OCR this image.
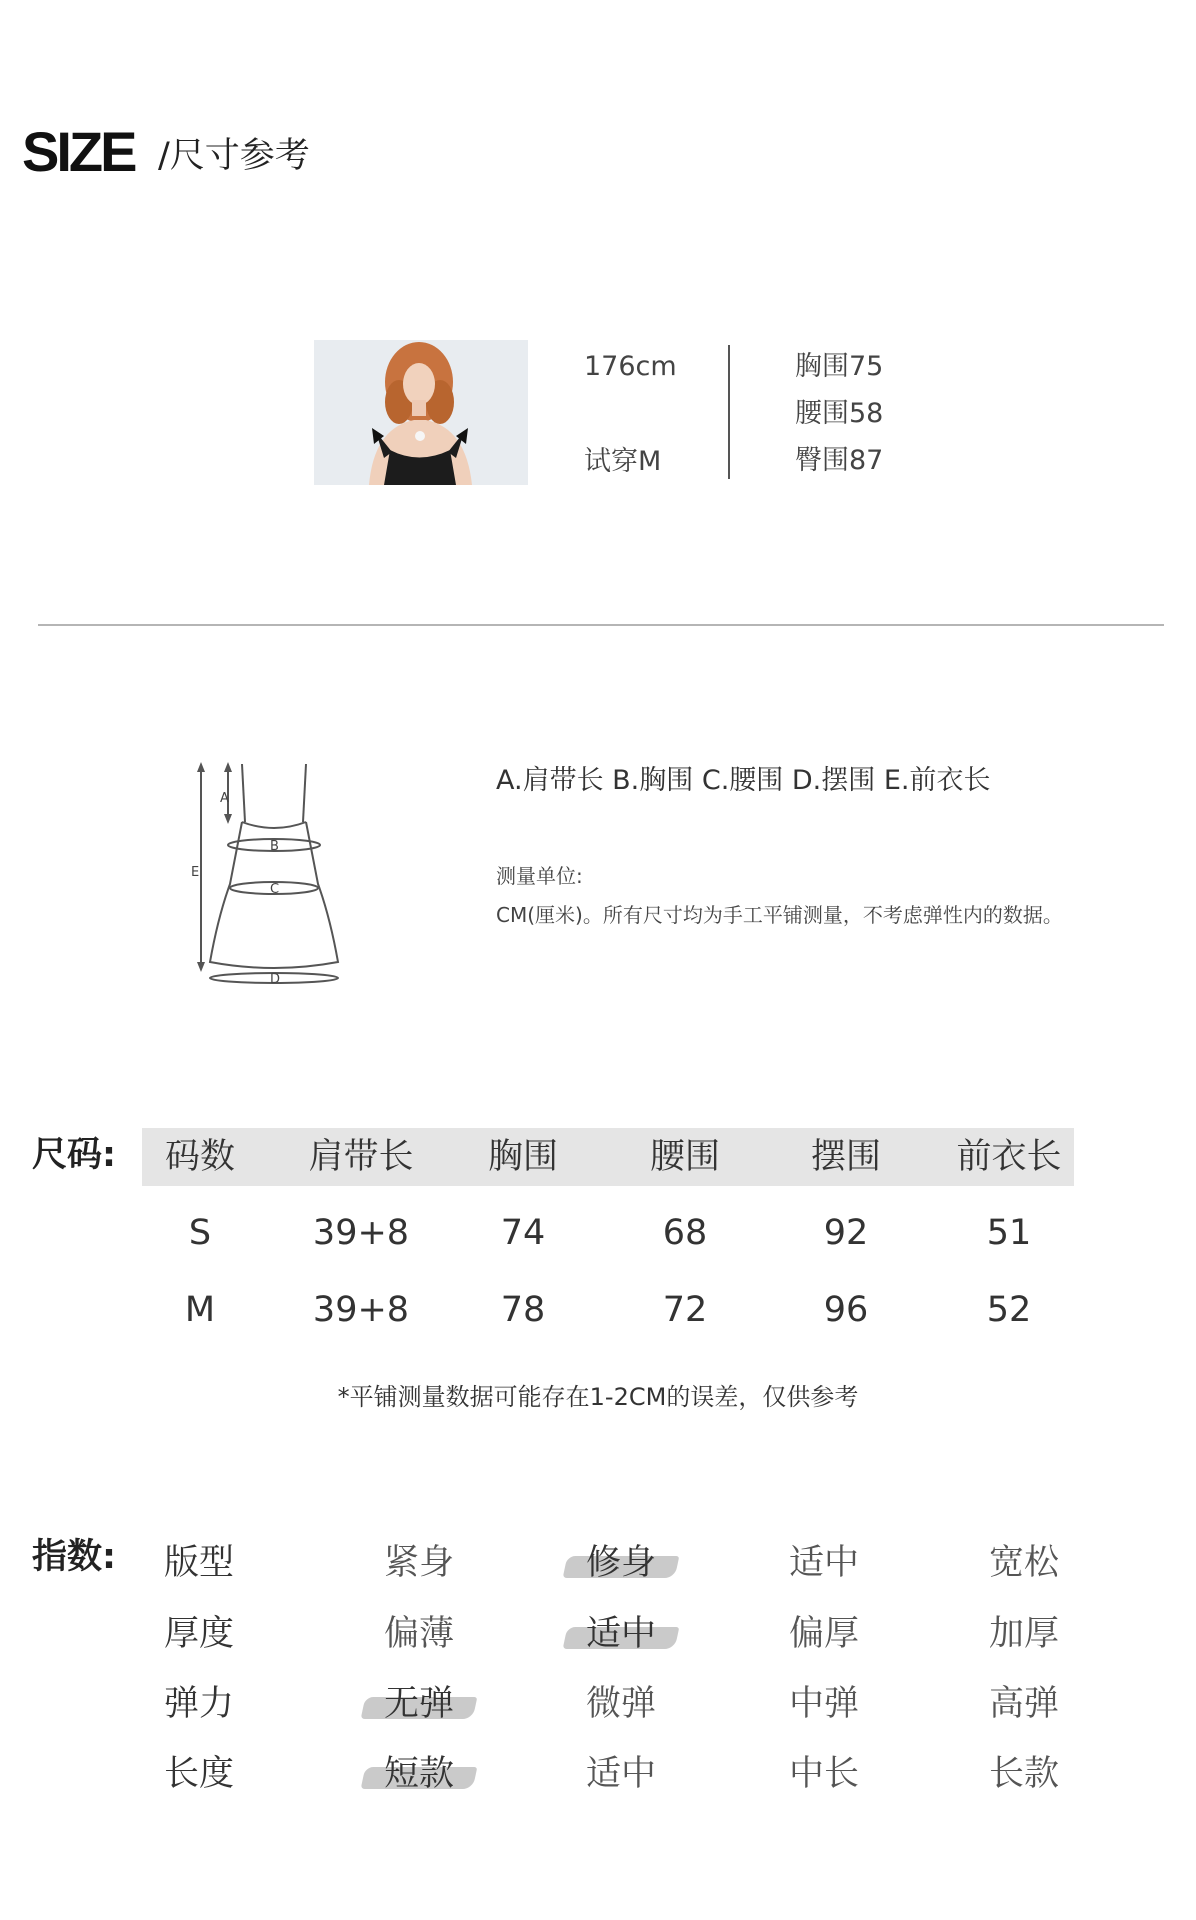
SIZE /尺寸参考
176cm
试穿M
胸围75
腰围58
臀围87
A
B
C
D
E
A.肩带长 B.胸围 C.腰围 D.摆围 E.前衣长
测量单位:
CM(厘米)。所有尺寸均为手工平铺测量，不考虑弹性内的数据。
尺码:	码数	肩带长	胸围	腰围	摆围	前衣长
S	39+8	74	68	92	51
M	39+8	78	72	96	52
*平铺测量数据可能存在1-2CM的误差，仅供参考
指数: 版型	紧身	修身	适中	宽松
厚度	偏薄	适中	偏厚	加厚
弹力	无弹	微弹	中弹	高弹
长度	短款	适中	中长	长款
